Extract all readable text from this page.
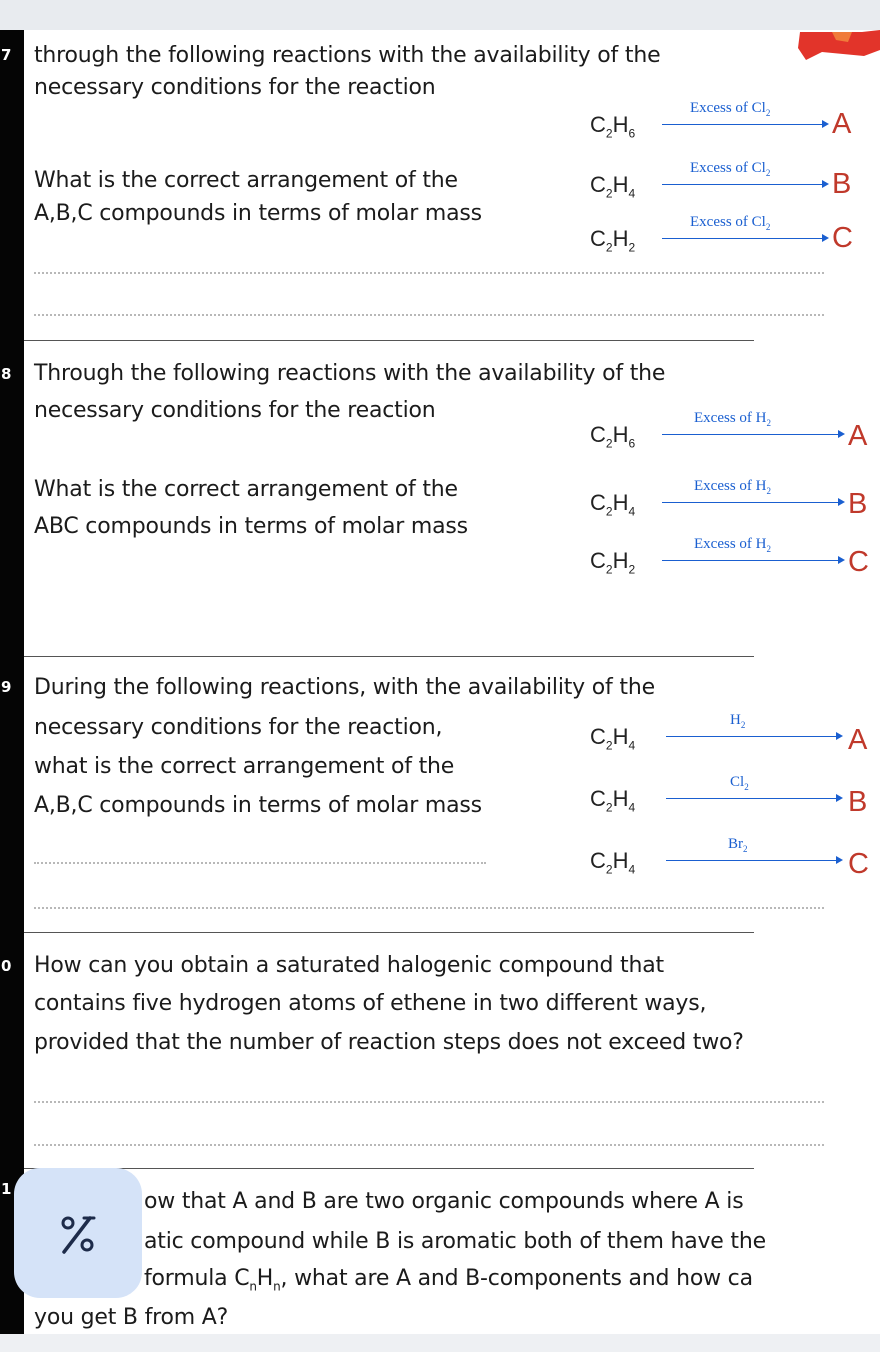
7 through the following reactions with the availability of the
necessary conditions for the reaction
What is the correct arrangement of the
A,B,C compounds in terms of molar mass
$C_2H_6$
Excess of $Cl_2$ A
$C_2H_4$
Excess of $Cl_2$ B
$C_2H_2$
Excess of $Cl_2$ C
8 Through the following reactions with the availability of the
necessary conditions for the reaction
What is the correct arrangement of the
ABC compounds in terms of molar mass
$C_2H_6$
Excess of $H_2$	A
$C_2H_4$
Excess of $H_2$	B
$C_2H_2$
Excess of $H_2$	C
9 During the following reactions, with the availability of the
necessary conditions for the reaction,
what is the correct arrangement of the
A,B,C compounds in terms of molar mass
$C_2H_4$
$H_2$	A
$C_2H_4$
$Cl_2$	B
$C_2H_4$
$Br_2$	C
0 How can you obtain a saturated halogenic compound that
contains five hydrogen atoms of ethene in two different ways,
provided that the number of reaction steps does not exceed two?
1	ow that A and B are two organic compounds where A is
atic compound while B is aromatic both of them have the
formula $C_nH_n$, what are A and B-components and how ca
you get B from A?
